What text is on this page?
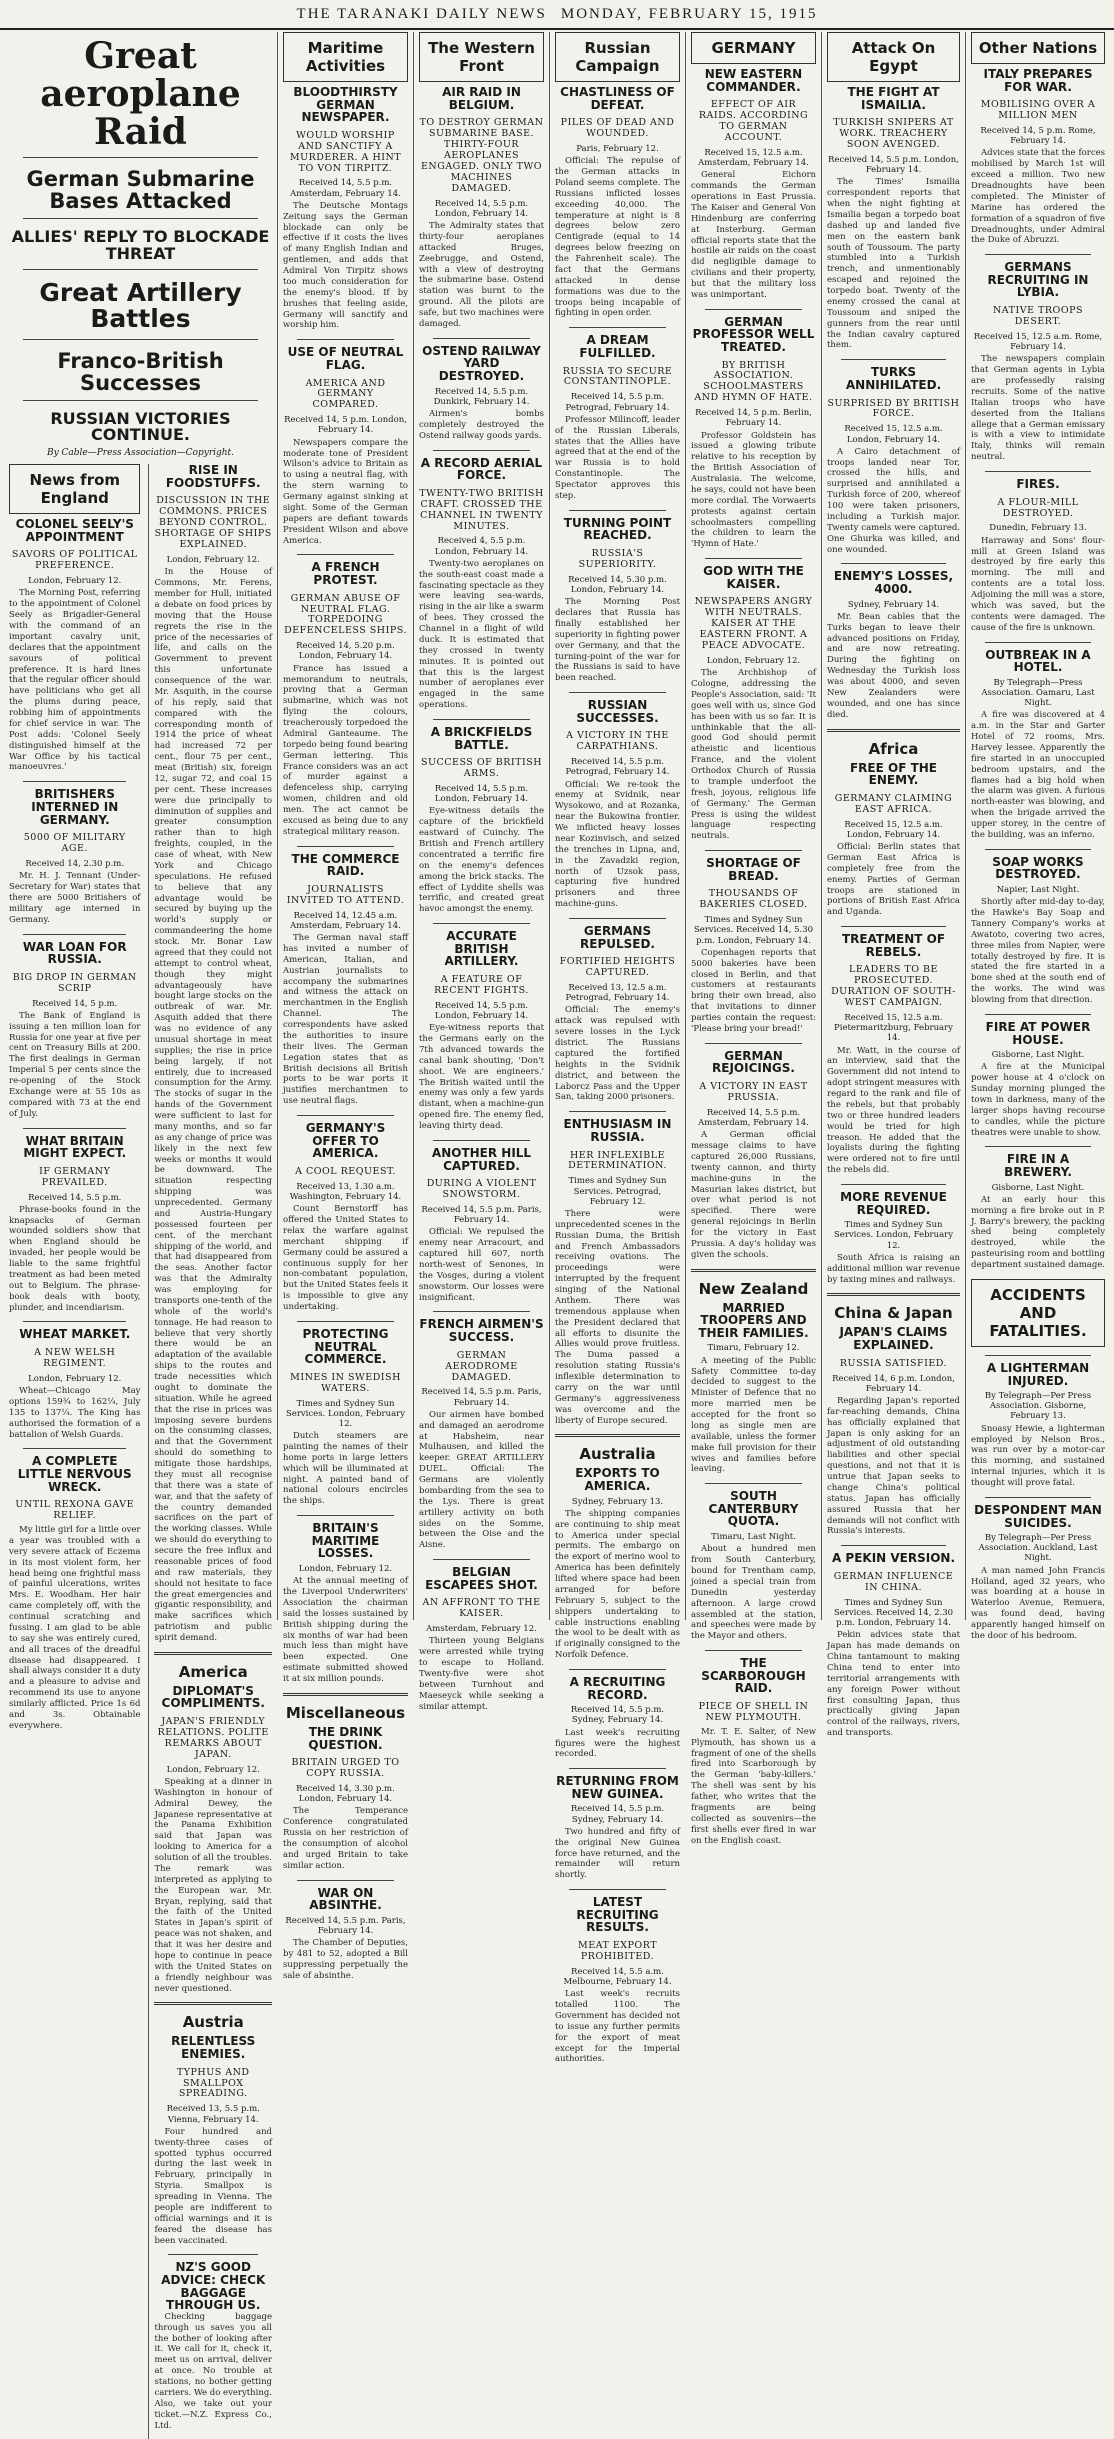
THE TARANAKI DAILY NEWS MONDAY, FEBRUARY 15, 1915
Great aeroplane Raid
German Submarine Bases Attacked
ALLIES' REPLY TO BLOCKADE THREAT
Great Artillery Battles
Franco-British Successes
RUSSIAN VICTORIES CONTINUE.
By Cable—Press Association—Copyright.
News from England
COLONEL SEELY'S APPOINTMENT
SAVORS OF POLITICAL PREFERENCE.
London, February 12.
The Morning Post, referring to the appointment of Colonel Seely as Brigadier-General with the command of an important cavalry unit, declares that the appointment savours of political preference. It is hard lines that the regular officer should have politicians who get all the plums during peace, robbing him of appointments for chief service in war. The Post adds: 'Colonel Seely distinguished himself at the War Office by his tactical manoeuvres.'
BRITISHERS INTERNED IN GERMANY.
5000 OF MILITARY AGE.
Received 14, 2.30 p.m.
Mr. H. J. Tennant (Under-Secretary for War) states that there are 5000 Britishers of military age interned in Germany.
WAR LOAN FOR RUSSIA.
BIG DROP IN GERMAN SCRIP
Received 14, 5 p.m.
The Bank of England is issuing a ten million loan for Russia for one year at five per cent on Treasury Bills at 200. The first dealings in German Imperial 5 per cents since the re-opening of the Stock Exchange were at 55 10s as compared with 73 at the end of July.
WHAT BRITAIN MIGHT EXPECT.
IF GERMANY PREVAILED.
Received 14, 5.5 p.m.
Phrase-books found in the knapsacks of German wounded soldiers show that when England should be invaded, her people would be liable to the same frightful treatment as had been meted out to Belgium. The phrase-book deals with booty, plunder, and incendiarism.
WHEAT MARKET.
A NEW WELSH REGIMENT.
London, February 12.
Wheat—Chicago May options 159¾ to 162¼, July 135 to 137¼. The King has authorised the formation of a battalion of Welsh Guards.
A COMPLETE LITTLE NERVOUS WRECK.
UNTIL REXONA GAVE RELIEF.
My little girl for a little over a year was troubled with a very severe attack of Eczema in its most violent form, her head being one frightful mass of painful ulcerations, writes Mrs. E. Woodham. Her hair came completely off, with the continual scratching and fussing. I am glad to be able to say she was entirely cured, and all traces of the dreadful disease had disappeared. I shall always consider it a duty and a pleasure to advise and recommend its use to anyone similarly afflicted. Price 1s 6d and 3s. Obtainable everywhere.
RISE IN FOODSTUFFS.
DISCUSSION IN THE COMMONS. PRICES BEYOND CONTROL. SHORTAGE OF SHIPS EXPLAINED.
London, February 12.
In the House of Commons, Mr. Ferens, member for Hull, initiated a debate on food prices by moving that the House regrets the rise in the price of the necessaries of life, and calls on the Government to prevent this unfortunate consequence of the war. Mr. Asquith, in the course of his reply, said that compared with the corresponding month of 1914 the price of wheat had increased 72 per cent., flour 75 per cent., meat (British) six, foreign 12, sugar 72, and coal 15 per cent. These increases were due principally to diminution of supplies and greater consumption rather than to high freights, coupled, in the case of wheat, with New York and Chicago speculations. He refused to believe that any advantage would be secured by buying up the world's supply or commandeering the home stock. Mr. Bonar Law agreed that they could not attempt to control wheat, though they might advantageously have bought large stocks on the outbreak of war. Mr. Asquith added that there was no evidence of any unusual shortage in meat supplies; the rise in price being largely, if not entirely, due to increased consumption for the Army. The stocks of sugar in the hands of the Government were sufficient to last for many months, and so far as any change of price was likely in the next few weeks or months it would be downward. The situation respecting shipping was unprecedented. Germany and Austria-Hungary possessed fourteen per cent. of the merchant shipping of the world, and that had disappeared from the seas. Another factor was that the Admiralty was employing for transports one-tenth of the whole of the world's tonnage. He had reason to believe that very shortly there would be an adaptation of the available ships to the routes and trade necessities which ought to dominate the situation. While he agreed that the rise in prices was imposing severe burdens on the consuming classes, and that the Government should do something to mitigate those hardships, they must all recognise that there was a state of war, and that the safety of the country demanded sacrifices on the part of the working classes. While we should do everything to secure the free influx and reasonable prices of food and raw materials, they should not hesitate to face the great emergencies and gigantic responsibility, and make sacrifices which patriotism and public spirit demand.
America
DIPLOMAT'S COMPLIMENTS.
JAPAN'S FRIENDLY RELATIONS. POLITE REMARKS ABOUT JAPAN.
London, February 12.
Speaking at a dinner in Washington in honour of Admiral Dewey, the Japanese representative at the Panama Exhibition said that Japan was looking to America for a solution of all the troubles. The remark was interpreted as applying to the European war. Mr. Bryan, replying, said that the faith of the United States in Japan's spirit of peace was not shaken, and that it was her desire and hope to continue in peace with the United States on a friendly neighbour was never questioned.
Austria
RELENTLESS ENEMIES.
TYPHUS AND SMALLPOX SPREADING.
Received 13, 5.5 p.m. Vienna, February 14.
Four hundred and twenty-three cases of spotted typhus occurred during the last week in February, principally in Styria. Smallpox is spreading in Vienna. The people are indifferent to official warnings and it is feared the disease has been vaccinated.
NZ'S GOOD ADVICE: CHECK BAGGAGE THROUGH US.
Checking baggage through us saves you all the bother of looking after it. We call for it, check it, meet us on arrival, deliver at once. No trouble at stations, no bother getting carriers. We do everything. Also, we take out your ticket.—N.Z. Express Co., Ltd.
Maritime Activities
BLOODTHIRSTY GERMAN NEWSPAPER.
WOULD WORSHIP AND SANCTIFY A MURDERER. A HINT TO VON TIRPITZ.
Received 14, 5.5 p.m. Amsterdam, February 14.
The Deutsche Montags Zeitung says the German blockade can only be effective if it costs the lives of many English Indian and gentlemen, and adds that Admiral Von Tirpitz shows too much consideration for the enemy's blood. If by brushes that feeling aside, Germany will sanctify and worship him.
USE OF NEUTRAL FLAG.
AMERICA AND GERMANY COMPARED.
Received 14, 5 p.m. London, February 14.
Newspapers compare the moderate tone of President Wilson's advice to Britain as to using a neutral flag, with the stern warning to Germany against sinking at sight. Some of the German papers are defiant towards President Wilson and above America.
A FRENCH PROTEST.
GERMAN ABUSE OF NEUTRAL FLAG. TORPEDOING DEFENCELESS SHIPS.
Received 14, 5.20 p.m. London, February 14.
France has issued a memorandum to neutrals, proving that a German submarine, which was not flying the colours, treacherously torpedoed the Admiral Ganteaume. The torpedo being found bearing German lettering. This France considers was an act of murder against a defenceless ship, carrying women, children and old men. The act cannot be excused as being due to any strategical military reason.
THE COMMERCE RAID.
JOURNALISTS INVITED TO ATTEND.
Received 14, 12.45 a.m. Amsterdam, February 14.
The German naval staff has invited a number of American, Italian, and Austrian journalists to accompany the submarines and witness the attack on merchantmen in the English Channel. The correspondents have asked the authorities to insure their lives. The German Legation states that as British decisions all British ports to be war ports it justifies merchantmen to use neutral flags.
GERMANY'S OFFER TO AMERICA.
A COOL REQUEST.
Received 13, 1.30 a.m. Washington, February 14.
Count Bernstorff has offered the United States to relax the warfare against merchant shipping if Germany could be assured a continuous supply for her non-combatant population, but the United States feels it is impossible to give any undertaking.
PROTECTING NEUTRAL COMMERCE.
MINES IN SWEDISH WATERS.
Times and Sydney Sun Services. London, February 12.
Dutch steamers are painting the names of their home ports in large letters which will be illuminated at night. A painted band of national colours encircles the ships.
BRITAIN'S MARITIME LOSSES.
London, February 12.
At the annual meeting of the Liverpool Underwriters' Association the chairman said the losses sustained by British shipping during the six months of war had been much less than might have been expected. One estimate submitted showed it at six million pounds.
Miscellaneous
THE DRINK QUESTION.
BRITAIN URGED TO COPY RUSSIA.
Received 14, 3.30 p.m. London, February 14.
The Temperance Conference congratulated Russia on her restriction of the consumption of alcohol and urged Britain to take similar action.
WAR ON ABSINTHE.
Received 14, 5.5 p.m. Paris, February 14.
The Chamber of Deputies, by 481 to 52, adopted a Bill suppressing perpetually the sale of absinthe.
The Western Front
AIR RAID IN BELGIUM.
TO DESTROY GERMAN SUBMARINE BASE. THIRTY-FOUR AEROPLANES ENGAGED. ONLY TWO MACHINES DAMAGED.
Received 14, 5.5 p.m. London, February 14.
The Admiralty states that thirty-four aeroplanes attacked Bruges, Zeebrugge, and Ostend, with a view of destroying the submarine base. Ostend station was burnt to the ground. All the pilots are safe, but two machines were damaged.
OSTEND RAILWAY YARD DESTROYED.
Received 14, 5.5 p.m. Dunkirk, February 14.
Airmen's bombs completely destroyed the Ostend railway goods yards.
A RECORD AERIAL FORCE.
TWENTY-TWO BRITISH CRAFT. CROSSED THE CHANNEL IN TWENTY MINUTES.
Received 4, 5.5 p.m. London, February 14.
Twenty-two aeroplanes on the south-east coast made a fascinating spectacle as they were leaving sea-wards, rising in the air like a swarm of bees. They crossed the Channel in a flight of wild duck. It is estimated that they crossed in twenty minutes. It is pointed out that this is the largest number of aeroplanes ever engaged in the same operations.
A BRICKFIELDS BATTLE.
SUCCESS OF BRITISH ARMS.
Received 14, 5.5 p.m. London, February 14.
Eye-witness details the capture of the brickfield eastward of Cuinchy. The British and French artillery concentrated a terrific fire on the enemy's defences among the brick stacks. The effect of Lyddite shells was terrific, and created great havoc amongst the enemy.
ACCURATE BRITISH ARTILLERY.
A FEATURE OF RECENT FIGHTS.
Received 14, 5.5 p.m. London, February 14.
Eye-witness reports that the Germans early on the 7th advanced towards the canal bank shouting, 'Don't shoot. We are engineers.' The British waited until the enemy was only a few yards distant, when a machine-gun opened fire. The enemy fled, leaving thirty dead.
ANOTHER HILL CAPTURED.
DURING A VIOLENT SNOWSTORM.
Received 14, 5.5 p.m. Paris, February 14.
Official: We repulsed the enemy near Arracourt, and captured hill 607, north north-west of Senones, in the Vosges, during a violent snowstorm. Our losses were insignificant.
FRENCH AIRMEN'S SUCCESS.
GERMAN AERODROME DAMAGED.
Received 14, 5.5 p.m. Paris, February 14.
Our airmen have bombed and damaged an aerodrome at Habsheim, near Mulhausen, and killed the keeper. GREAT ARTILLERY DUEL. Official: The Germans are violently bombarding from the sea to the Lys. There is great artillery activity on both sides on the Somme, between the Oise and the Aisne.
BELGIAN ESCAPEES SHOT.
AN AFFRONT TO THE KAISER.
Amsterdam, February 12.
Thirteen young Belgians were arrested while trying to escape to Holland. Twenty-five were shot between Turnhout and Maeseyck while seeking a similar attempt.
Russian Campaign
CHASTLINESS OF DEFEAT.
PILES OF DEAD AND WOUNDED.
Paris, February 12.
Official: The repulse of the German attacks in Poland seems complete. The Russians inflicted losses exceeding 40,000. The temperature at night is 8 degrees below zero Centigrade (equal to 14 degrees below freezing on the Fahrenheit scale). The fact that the Germans attacked in dense formations was due to the troops being incapable of fighting in open order.
A DREAM FULFILLED.
RUSSIA TO SECURE CONSTANTINOPLE.
Received 14, 5.5 p.m. Petrograd, February 14.
Professor Milincoff, leader of the Russian Liberals, states that the Allies have agreed that at the end of the war Russia is to hold Constantinople. The Spectator approves this step.
TURNING POINT REACHED.
RUSSIA'S SUPERIORITY.
Received 14, 5.30 p.m. London, February 14.
The Morning Post declares that Russia has finally established her superiority in fighting power over Germany, and that the turning-point of the war for the Russians is said to have been reached.
RUSSIAN SUCCESSES.
A VICTORY IN THE CARPATHIANS.
Received 14, 5.5 p.m. Petrograd, February 14.
Official: We re-took the enemy at Svidnik, near Wysokowo, and at Rozanka, near the Bukowina frontier. We inflicted heavy losses near Kozinvisch, and seized the trenches in Lipna, and, in the Zavadzki region, north of Uzsok pass, capturing five hundred prisoners and three machine-guns.
GERMANS REPULSED.
FORTIFIED HEIGHTS CAPTURED.
Received 13, 12.5 a.m. Petrograd, February 14.
Official: The enemy's attack was repulsed with severe losses in the Lyck district. The Russians captured the fortified heights in the Svidnik district, and between the Laborcz Pass and the Upper San, taking 2000 prisoners.
ENTHUSIASM IN RUSSIA.
HER INFLEXIBLE DETERMINATION.
Times and Sydney Sun Services. Petrograd, February 12.
There were unprecedented scenes in the Russian Duma, the British and French Ambassadors receiving ovations. The proceedings were interrupted by the frequent singing of the National Anthem. There was tremendous applause when the President declared that all efforts to disunite the Allies would prove fruitless. The Duma passed a resolution stating Russia's inflexible determination to carry on the war until Germany's aggressiveness was overcome and the liberty of Europe secured.
Australia
EXPORTS TO AMERICA.
Sydney, February 13.
The shipping companies are continuing to ship meat to America under special permits. The embargo on the export of merino wool to America has been definitely lifted where space had been arranged for before February 5, subject to the shippers undertaking to cable instructions enabling the wool to be dealt with as if originally consigned to the Norfolk Defence.
A RECRUITING RECORD.
Received 14, 5.5 p.m. Sydney, February 14.
Last week's recruiting figures were the highest recorded.
RETURNING FROM NEW GUINEA.
Received 14, 5.5 p.m. Sydney, February 14.
Two hundred and fifty of the original New Guinea force have returned, and the remainder will return shortly.
LATEST RECRUITING RESULTS.
MEAT EXPORT PROHIBITED.
Received 14, 5.5 a.m. Melbourne, February 14.
Last week's recruits totalled 1100. The Government has decided not to issue any further permits for the export of meat except for the Imperial authorities.
GERMANY
NEW EASTERN COMMANDER.
EFFECT OF AIR RAIDS. ACCORDING TO GERMAN ACCOUNT.
Received 15, 12.5 a.m. Amsterdam, February 14.
General Eichorn commands the German operations in East Prussia. The Kaiser and General Von Hindenburg are conferring at Insterburg. German official reports state that the hostile air raids on the coast did negligible damage to civilians and their property, but that the military loss was unimportant.
GERMAN PROFESSOR WELL TREATED.
BY BRITISH ASSOCIATION. SCHOOLMASTERS AND HYMN OF HATE.
Received 14, 5 p.m. Berlin, February 14.
Professor Goldstein has issued a glowing tribute relative to his reception by the British Association of Australasia. The welcome, he says, could not have been more cordial. The Vorwaerts protests against certain schoolmasters compelling the children to learn the 'Hymn of Hate.'
GOD WITH THE KAISER.
NEWSPAPERS ANGRY WITH NEUTRALS. KAISER AT THE EASTERN FRONT. A PEACE ADVOCATE.
London, February 12.
The Archbishop of Cologne, addressing the People's Association, said: 'It goes well with us, since God has been with us so far. It is unthinkable that the all-good God should permit atheistic and licentious France, and the violent Orthodox Church of Russia to trample underfoot the fresh, joyous, religious life of Germany.' The German Press is using the wildest language respecting neutrals.
SHORTAGE OF BREAD.
THOUSANDS OF BAKERIES CLOSED.
Times and Sydney Sun Services. Received 14, 5.30 p.m. London, February 14.
Copenhagen reports that 5000 bakeries have been closed in Berlin, and that customers at restaurants bring their own bread, also that invitations to dinner parties contain the request: 'Please bring your bread!'
GERMAN REJOICINGS.
A VICTORY IN EAST PRUSSIA.
Received 14, 5.5 p.m. Amsterdam, February 14.
A German official message claims to have captured 26,000 Russians, twenty cannon, and thirty machine-guns in the Masurian lakes district, but over what period is not specified. There were general rejoicings in Berlin for the victory in East Prussia. A day's holiday was given the schools.
New Zealand
MARRIED TROOPERS AND THEIR FAMILIES.
Timaru, February 12.
A meeting of the Public Safety Committee to-day decided to suggest to the Minister of Defence that no more married men be accepted for the front so long as single men are available, unless the former make full provision for their wives and families before leaving.
SOUTH CANTERBURY QUOTA.
Timaru, Last Night.
About a hundred men from South Canterbury, bound for Trentham camp, joined a special train from Dunedin yesterday afternoon. A large crowd assembled at the station, and speeches were made by the Mayor and others.
THE SCARBOROUGH RAID.
PIECE OF SHELL IN NEW PLYMOUTH.
Mr. T. E. Salter, of New Plymouth, has shown us a fragment of one of the shells fired into Scarborough by the German 'baby-killers.' The shell was sent by his father, who writes that the fragments are being collected as souvenirs—the first shells ever fired in war on the English coast.
Attack On Egypt
THE FIGHT AT ISMAILIA.
TURKISH SNIPERS AT WORK. TREACHERY SOON AVENGED.
Received 14, 5.5 p.m. London, February 14.
The Times' Ismailia correspondent reports that when the night fighting at Ismailia began a torpedo boat dashed up and landed five men on the eastern bank south of Toussoum. The party stumbled into a Turkish trench, and unmentionably escaped and rejoined the torpedo boat. Twenty of the enemy crossed the canal at Toussoum and sniped the gunners from the rear until the Indian cavalry captured them.
TURKS ANNIHILATED.
SURPRISED BY BRITISH FORCE.
Received 15, 12.5 a.m. London, February 14.
A Cairo detachment of troops landed near Tor, crossed the hills, and surprised and annihilated a Turkish force of 200, whereof 100 were taken prisoners, including a Turkish major. Twenty camels were captured. One Ghurka was killed, and one wounded.
ENEMY'S LOSSES, 4000.
Sydney, February 14.
Mr. Bean cables that the Turks began to leave their advanced positions on Friday, and are now retreating. During the fighting on Wednesday the Turkish loss was about 4000, and seven New Zealanders were wounded, and one has since died.
Africa
FREE OF THE ENEMY.
GERMANY CLAIMING EAST AFRICA.
Received 15, 12.5 a.m. London, February 14.
Official: Berlin states that German East Africa is completely free from the enemy. Parties of German troops are stationed in portions of British East Africa and Uganda.
TREATMENT OF REBELS.
LEADERS TO BE PROSECUTED. DURATION OF SOUTH-WEST CAMPAIGN.
Received 15, 12.5 a.m. Pietermaritzburg, February 14.
Mr. Watt, in the course of an interview, said that the Government did not intend to adopt stringent measures with regard to the rank and file of the rebels, but that probably two or three hundred leaders would be tried for high treason. He added that the loyalists during the fighting were ordered not to fire until the rebels did.
MORE REVENUE REQUIRED.
Times and Sydney Sun Services. London, February 12.
South Africa is raising an additional million war revenue by taxing mines and railways.
China & Japan
JAPAN'S CLAIMS EXPLAINED.
RUSSIA SATISFIED.
Received 14, 6 p.m. London, February 14.
Regarding Japan's reported far-reaching demands, China has officially explained that Japan is only asking for an adjustment of old outstanding liabilities and other special questions, and not that it is untrue that Japan seeks to change China's political status. Japan has officially assured Russia that her demands will not conflict with Russia's interests.
A PEKIN VERSION.
GERMAN INFLUENCE IN CHINA.
Times and Sydney Sun Services. Received 14, 2.30 p.m. London, February 14.
Pekin advices state that Japan has made demands on China tantamount to making China tend to enter into territorial arrangements with any foreign Power without first consulting Japan, thus practically giving Japan control of the railways, rivers, and transports.
Other Nations
ITALY PREPARES FOR WAR.
MOBILISING OVER A MILLION MEN
Received 14, 5 p.m. Rome, February 14.
Advices state that the forces mobilised by March 1st will exceed a million. Two new Dreadnoughts have been completed. The Minister of Marine has ordered the formation of a squadron of five Dreadnoughts, under Admiral the Duke of Abruzzi.
GERMANS RECRUITING IN LYBIA.
NATIVE TROOPS DESERT.
Received 15, 12.5 a.m. Rome, February 14.
The newspapers complain that German agents in Lybia are professedly raising recruits. Some of the native Italian troops who have deserted from the Italians allege that a German emissary is with a view to intimidate Italy, thinks will remain neutral.
FIRES.
A FLOUR-MILL DESTROYED.
Dunedin, February 13.
Harraway and Sons' flour-mill at Green Island was destroyed by fire early this morning. The mill and contents are a total loss. Adjoining the mill was a store, which was saved, but the contents were damaged. The cause of the fire is unknown.
OUTBREAK IN A HOTEL.
By Telegraph—Press Association. Oamaru, Last Night.
A fire was discovered at 4 a.m. in the Star and Garter Hotel of 72 rooms, Mrs. Harvey lessee. Apparently the fire started in an unoccupied bedroom upstairs, and the flames had a big hold when the alarm was given. A furious north-easter was blowing, and when the brigade arrived the upper storey, in the centre of the building, was an inferno.
SOAP WORKS DESTROYED.
Napier, Last Night.
Shortly after mid-day to-day, the Hawke's Bay Soap and Tannery Company's works at Awatoto, covering two acres, three miles from Napier, were totally destroyed by fire. It is stated the fire started in a bone shed at the south end of the works. The wind was blowing from that direction.
FIRE AT POWER HOUSE.
Gisborne, Last Night.
A fire at the Municipal power house at 4 o'clock on Sunday morning plunged the town in darkness, many of the larger shops having recourse to candles, while the picture theatres were unable to show.
FIRE IN A BREWERY.
Gisborne, Last Night.
At an early hour this morning a fire broke out in P. J. Barry's brewery, the packing shed being completely destroyed, while the pasteurising room and bottling department sustained damage.
ACCIDENTS AND FATALITIES.
A LIGHTERMAN INJURED.
By Telegraph—Per Press Association. Gisborne, February 13.
Snoasy Hewie, a lighterman employed by Nelson Bros., was run over by a motor-car this morning, and sustained internal injuries, which it is thought will prove fatal.
DESPONDENT MAN SUICIDES.
By Telegraph—Per Press Association. Auckland, Last Night.
A man named John Francis Holland, aged 32 years, who was boarding at a house in Waterloo Avenue, Remuera, was found dead, having apparently hanged himself on the door of his bedroom.
